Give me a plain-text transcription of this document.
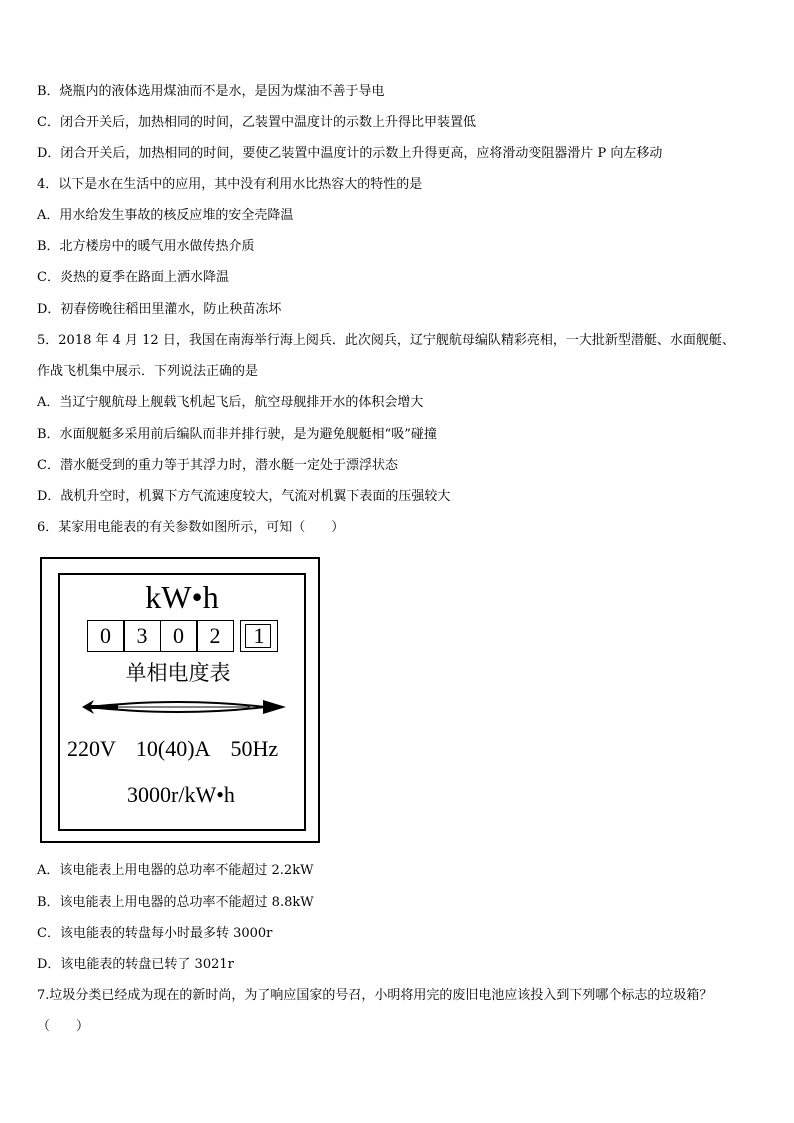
B．烧瓶内的液体选用煤油而不是水，是因为煤油不善于导电
C．闭合开关后，加热相同的时间，乙装置中温度计的示数上升得比甲装置低
D．闭合开关后，加热相同的时间，要使乙装置中温度计的示数上升得更高，应将滑动变阻器滑片 P 向左移动
4．以下是水在生活中的应用，其中没有利用水比热容大的特性的是
A．用水给发生事故的核反应堆的安全壳降温
B．北方楼房中的暖气用水做传热介质
C．炎热的夏季在路面上洒水降温
D．初春傍晚往稻田里灌水，防止秧苗冻坏
5．2018 年 4 月 12 日，我国在南海举行海上阅兵．此次阅兵，辽宁舰航母编队精彩亮相，一大批新型潜艇、水面舰艇、
作战飞机集中展示．下列说法正确的是
A．当辽宁舰航母上舰载飞机起飞后，航空母舰排开水的体积会增大
B．水面舰艇多采用前后编队而非并排行驶，是为避免舰艇相“吸”碰撞
C．潜水艇受到的重力等于其浮力时，潜水艇一定处于漂浮状态
D．战机升空时，机翼下方气流速度较大，气流对机翼下表面的压强较大
6．某家用电能表的有关参数如图所示，可知（　　）
kW•h
0	3	0	2	1
单相电度表
220V 10(40)A 50Hz
3000r/kW•h
A．该电能表上用电器的总功率不能超过 2.2kW
B．该电能表上用电器的总功率不能超过 8.8kW
C．该电能表的转盘每小时最多转 3000r
D．该电能表的转盘已转了 3021r
7.垃圾分类已经成为现在的新时尚，为了响应国家的号召，小明将用完的废旧电池应该投入到下列哪个标志的垃圾箱？
（　　）
